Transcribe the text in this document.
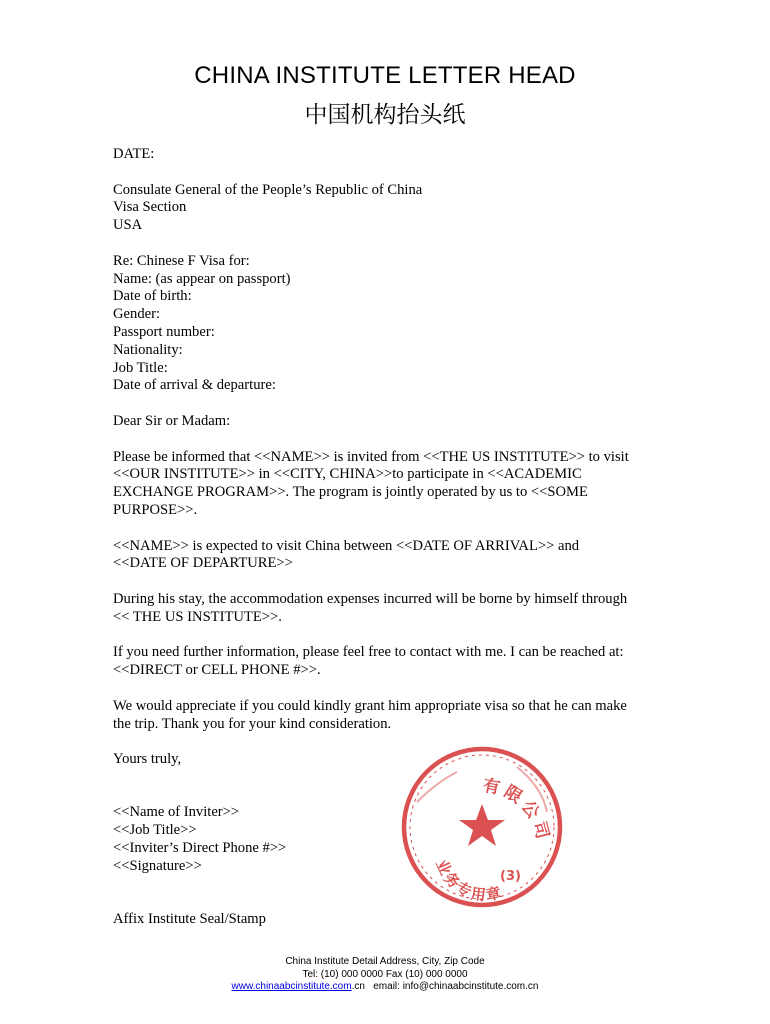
CHINA INSTITUTE LETTER HEAD
中国机构抬头纸
DATE:
Consulate General of the People’s Republic of China
Visa Section
USA
Re: Chinese F Visa for:
Name: (as appear on passport)
Date of birth:
Gender:
Passport number:
Nationality:
Job Title:
Date of arrival & departure:
Dear Sir or Madam:
Please be informed that <<NAME>> is invited from <<THE US INSTITUTE>> to visit
<<OUR INSTITUTE>> in <<CITY, CHINA>>to participate in <<ACADEMIC
EXCHANGE PROGRAM>>. The program is jointly operated by us to <<SOME
PURPOSE>>.
<<NAME>> is expected to visit China between <<DATE OF ARRIVAL>> and
<<DATE OF DEPARTURE>>
During his stay, the accommodation expenses incurred will be borne by himself through
<< THE US INSTITUTE>>.
If you need further information, please feel free to contact with me. I can be reached at:
<<DIRECT or CELL PHONE #>>.
We would appreciate if you could kindly grant him appropriate visa so that he can make
the trip. Thank you for your kind consideration.
Yours truly,
<<Name of Inviter>>
<<Job Title>>
<<Inviter’s Direct Phone #>>
<<Signature>>
Affix Institute Seal/Stamp
有限公司
业务专用章
(3)
China Institute Detail Address, City, Zip Code
Tel: (10) 000 0000 Fax (10) 000 0000
www.chinaabcinstitute.com.cn email: info@chinaabcinstitute.com.cn
